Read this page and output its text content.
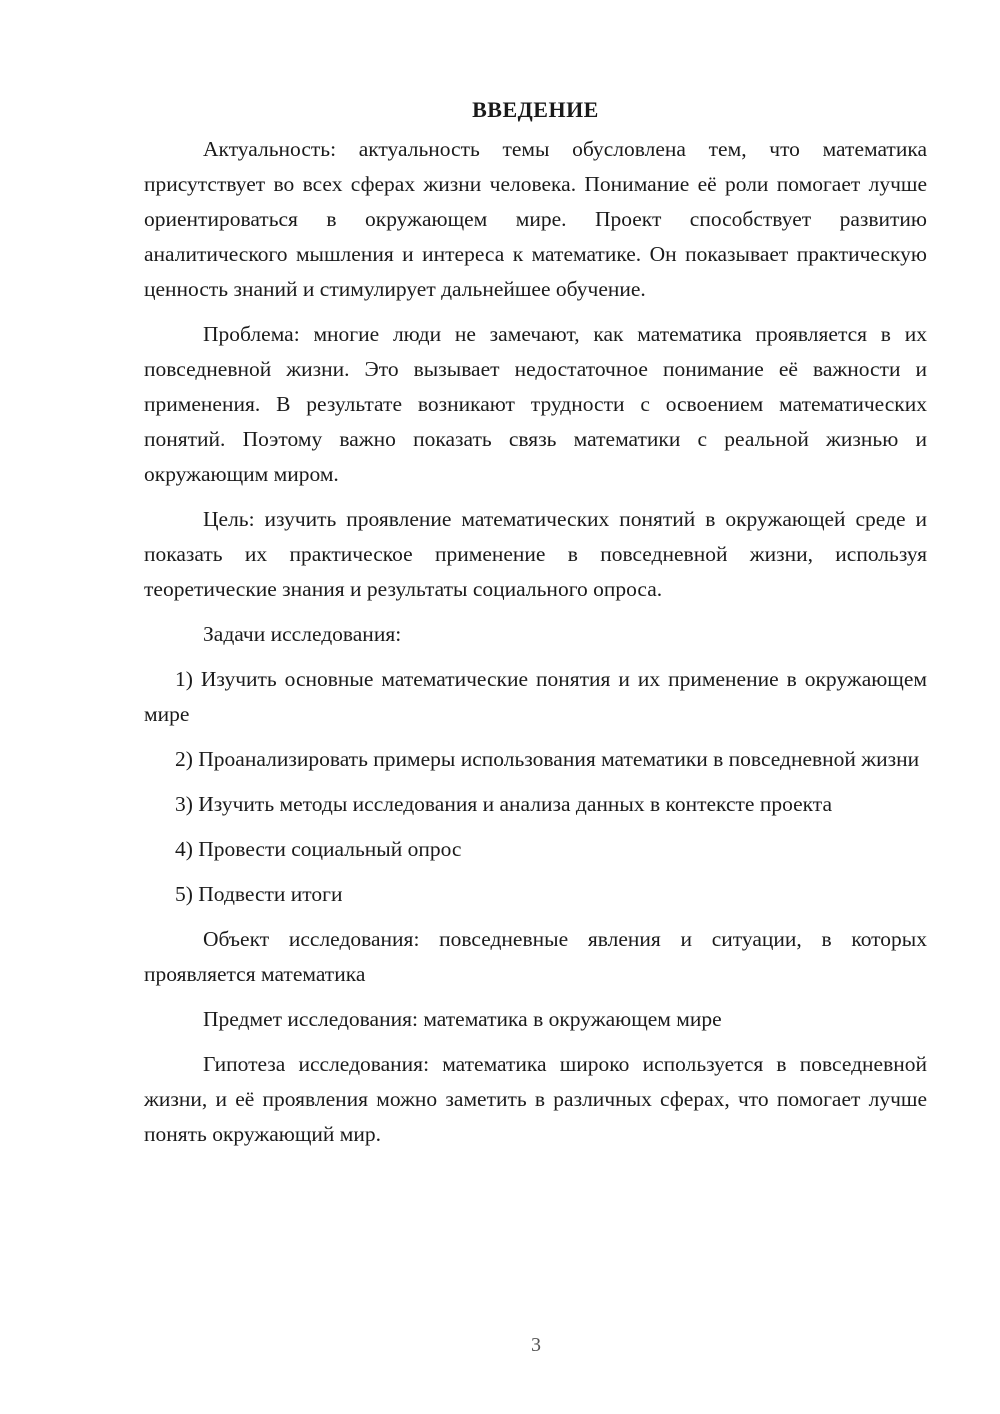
ВВЕДЕНИЕ

Актуальность: актуальность темы обусловлена тем, что математика присутствует во всех сферах жизни человека. Понимание её роли помогает лучше ориентироваться в окружающем мире. Проект способствует развитию аналитического мышления и интереса к математике. Он показывает практическую ценность знаний и стимулирует дальнейшее обучение.

Проблема: многие люди не замечают, как математика проявляется в их повседневной жизни. Это вызывает недостаточное понимание её важности и применения. В результате возникают трудности с освоением математических понятий. Поэтому важно показать связь математики с реальной жизнью и окружающим миром.

Цель: изучить проявление математических понятий в окружающей среде и показать их практическое применение в повседневной жизни, используя теоретические знания и результаты социального опроса.

Задачи исследования:

1) Изучить основные математические понятия и их применение в окружающем мире

2) Проанализировать примеры использования математики в повседневной жизни

3) Изучить методы исследования и анализа данных в контексте проекта

4) Провести социальный опрос

5) Подвести итоги

Объект исследования: повседневные явления и ситуации, в которых проявляется математика

Предмет исследования: математика в окружающем мире

Гипотеза исследования: математика широко используется в повседневной жизни, и её проявления можно заметить в различных сферах, что помогает лучше понять окружающий мир.

3
